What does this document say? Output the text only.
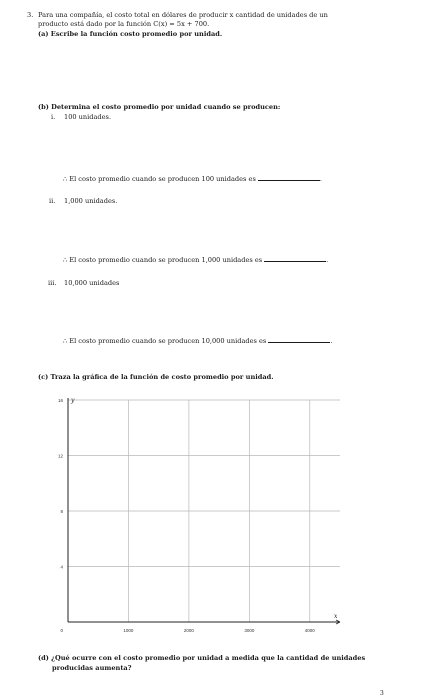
3. Para una compañía, el costo total en dólares de producir x cantidad de unidades de un
producto está dado por la función C(x) = 5x + 700.
(a) Escribe la función costo promedio por unidad.
(b) Determina el costo promedio por unidad cuando se producen:
i. 100 unidades.
∴ El costo promedio cuando se producen 100 unidades es	.
ii. 1,000 unidades.
∴ El costo promedio cuando se producen 1,000 unidades es	.
iii. 10,000 unidades
∴ El costo promedio cuando se producen 10,000 unidades es	.
(c) Traza la gráfica de la función de costo promedio por unidad.
1000	2000	3000	4000
16
12
8
4
0
y
x
(d) ¿Qué ocurre con el costo promedio por unidad a medida que la cantidad de unidades
producidas aumenta?
3
